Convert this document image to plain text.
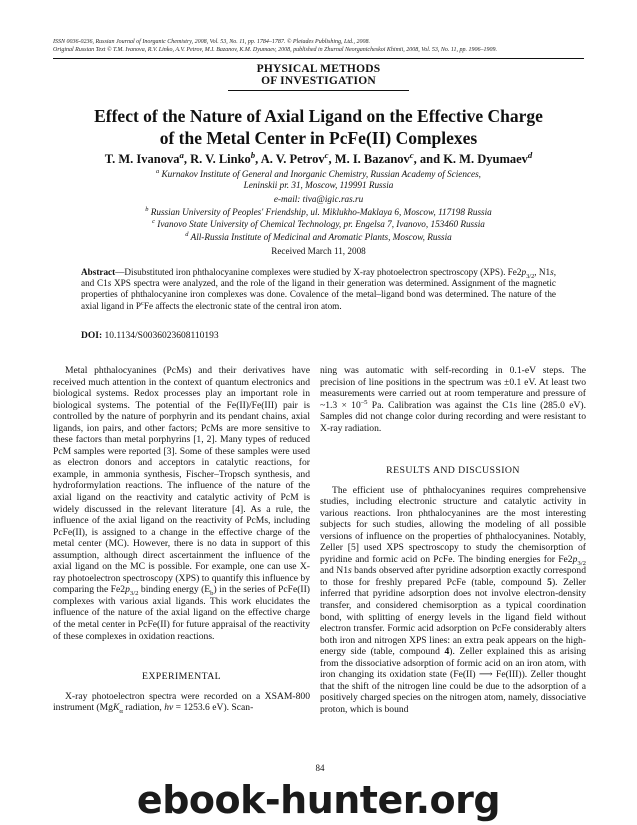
ISSN 0036-0236, Russian Journal of Inorganic Chemistry, 2008, Vol. 53, No. 11, pp. 1784–1787. © Pleiades Publishing, Ltd., 2008.
Original Russian Text © T.M. Ivanova, R.V. Linko, A.V. Petrov, M.I. Bazanov, K.M. Dyumaev, 2008, published in Zhurnal Neorganicheskoi Khimii, 2008, Vol. 53, No. 11, pp. 1906–1909.
PHYSICAL METHODS
OF INVESTIGATION
Effect of the Nature of Axial Ligand on the Effective Charge
of the Metal Center in PcFe(II) Complexes
T. M. Ivanova$^a$, R. V. Linko$^b$, A. V. Petrov$^c$, M. I. Bazanov$^c$, and K. M. Dyumaev$^d$
$^a$ Kurnakov Institute of General and Inorganic Chemistry, Russian Academy of Sciences,
Leninskii pr. 31, Moscow, 119991 Russia
e-mail: tiva@igic.ras.ru
$^b$ Russian University of Peoples' Friendship, ul. Miklukho-Maklaya 6, Moscow, 117198 Russia
$^c$ Ivanovo State University of Chemical Technology, pr. Engelsa 7, Ivanovo, 153460 Russia
$^d$ All-Russia Institute of Medicinal and Aromatic Plants, Moscow, Russia
Received March 11, 2008
Abstract—Disubstituted iron phthalocyanine complexes were studied by X-ray photoelectron spectroscopy (XPS). $Fe2p_{3/2}$, N1s, and C1s XPS spectra were analyzed, and the role of the ligand in their generation was determined. Assignment of the magnetic properties of phthalocyanine iron complexes was done. Covalence of the metal–ligand bond was determined. The nature of the axial ligand in $P^cFe$ affects the electronic state of the central iron atom.
DOI: 10.1134/S0036023608110193

Metal phthalocyanines (PcMs) and their derivatives have received much attention in the context of quantum electronics and biological systems. Redox processes play an important role in biological systems. The potential of the Fe(II)/Fe(III) pair is controlled by the nature of porphyrin and its pendant chains, axial ligands, ion pairs, and other factors; PcMs are more sensitive to these factors than metal porphyrins [1, 2]. Many types of reduced PcM samples were reported [3]. Some of these samples were used as electron donors and acceptors in catalytic reactions, for example, in ammonia synthesis, Fischer–Tropsch synthesis, and hydroformylation reactions. The influence of the nature of the axial ligand on the reactivity and catalytic activity of PcM is widely discussed in the relevant literature [4]. As a rule, the influence of the axial ligand on the reactivity of PcMs, including PcFe(II), is assigned to a change in the effective charge of the metal center (MC). However, there is no data in support of this assumption, although direct ascertainment the influence of the axial ligand on the MC is possible. For example, one can use X-ray photoelectron spectroscopy (XPS) to quantify this influence by comparing the $Fe2p_{3/2}$ binding energy $(E_b)$ in the series of PcFe(II) complexes with various axial ligands. This work elucidates the influence of the nature of the axial ligand on the effective charge of the metal center in PcFe(II) for future appraisal of the reactivity of these complexes in oxidation reactions.

EXPERIMENTAL

X-ray photoelectron spectra were recorded on a XSAM-800 instrument (MgK$_\alpha$ radiation, hν = 1253.6 eV). Scan-

ning was automatic with self-recording in 0.1-eV steps. The precision of line positions in the spectrum was ±0.1 eV. At least two measurements were carried out at room temperature and pressure of ~1.3 × $10^{-5}$ Pa. Calibration was against the C1s line (285.0 eV). Samples did not change color during recording and were resistant to X-ray radiation.

RESULTS AND DISCUSSION

The efficient use of phthalocyanines requires comprehensive studies, including electronic structure and catalytic activity in various reactions. Iron phthalocyanines are the most interesting subjects for such studies, allowing the modeling of all possible versions of influence on the properties of phthalocyanines. Notably, Zeller [5] used XPS spectroscopy to study the chemisorption of pyridine and formic acid on PcFe. The binding energies for $Fe2p_{3/2}$ and N1s bands observed after pyridine adsorption exactly correspond to those for freshly prepared PcFe (table, compound 5). Zeller inferred that pyridine adsorption does not involve electron-density transfer, and considered chemisorption as a typical coordination bond, with splitting of energy levels in the ligand field without electron transfer. Formic acid adsorption on PcFe considerably alters both iron and nitrogen XPS lines: an extra peak appears on the high-energy side (table, compound 4). Zeller explained this as arising from the dissociative adsorption of formic acid on an iron atom, with iron changing its oxidation state (Fe(II) ⟶ Fe(III)). Zeller thought that the shift of the nitrogen line could be due to the adsorption of a positively charged species on the nitrogen atom, namely, dissociative proton, which is bound

84
ebook-hunter.org
